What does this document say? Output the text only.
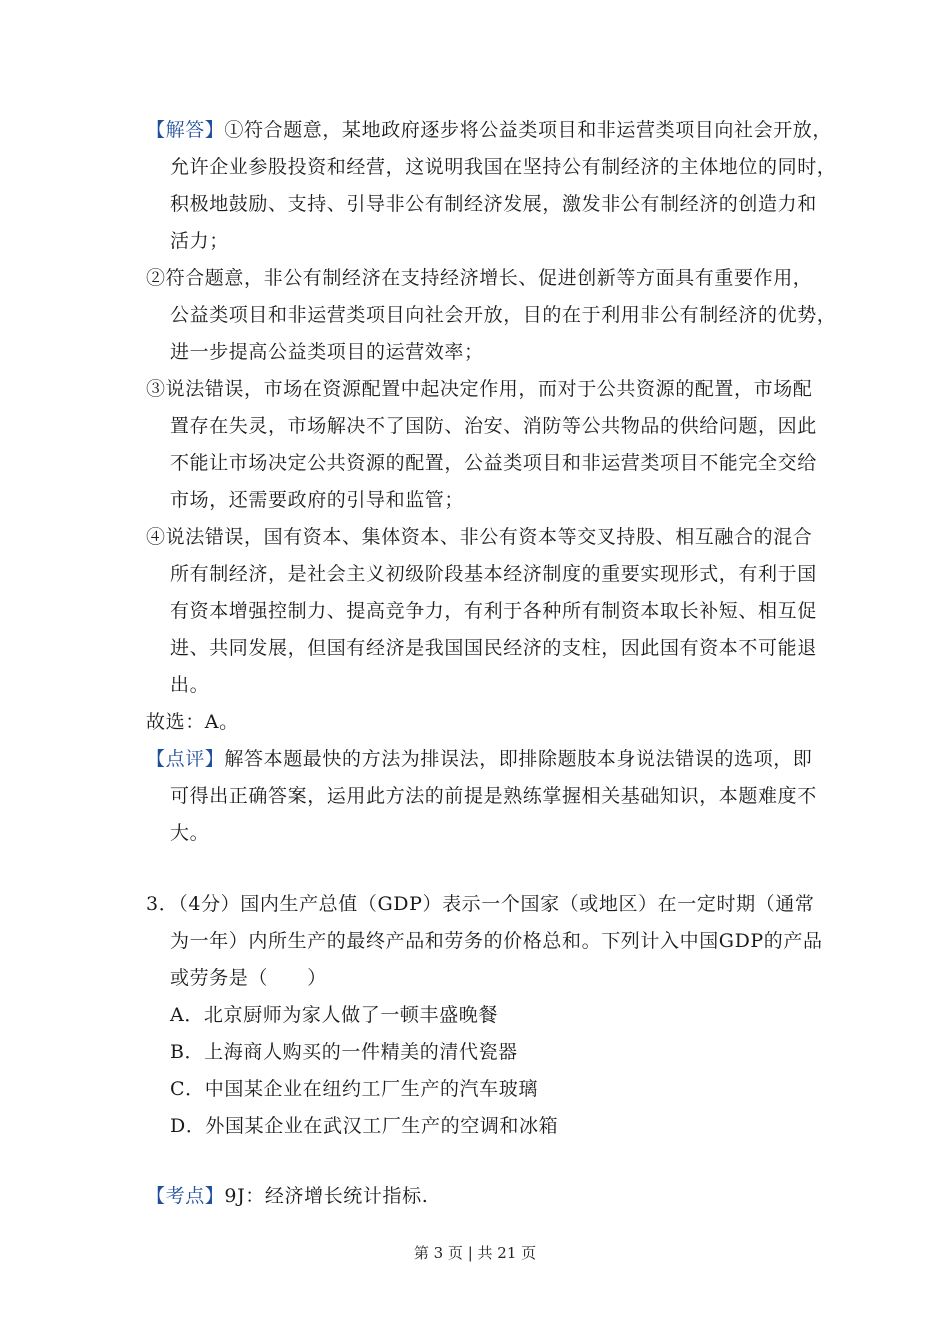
【解答】①符合题意，某地政府逐步将公益类项目和非运营类项目向社会开放，
允许企业参股投资和经营，这说明我国在坚持公有制经济的主体地位的同时，
积极地鼓励、支持、引导非公有制经济发展，激发非公有制经济的创造力和
活力；
②符合题意，非公有制经济在支持经济增长、促进创新等方面具有重要作用，
公益类项目和非运营类项目向社会开放，目的在于利用非公有制经济的优势，
进一步提高公益类项目的运营效率；
③说法错误，市场在资源配置中起决定作用，而对于公共资源的配置，市场配
置存在失灵，市场解决不了国防、治安、消防等公共物品的供给问题，因此
不能让市场决定公共资源的配置，公益类项目和非运营类项目不能完全交给
市场，还需要政府的引导和监管；
④说法错误，国有资本、集体资本、非公有资本等交叉持股、相互融合的混合
所有制经济，是社会主义初级阶段基本经济制度的重要实现形式，有利于国
有资本增强控制力、提高竞争力，有利于各种所有制资本取长补短、相互促
进、共同发展，但国有经济是我国国民经济的支柱，因此国有资本不可能退
出。
故选：A。
【点评】解答本题最快的方法为排误法，即排除题肢本身说法错误的选项，即
可得出正确答案，运用此方法的前提是熟练掌握相关基础知识，本题难度不
大。
3．（4分）国内生产总值（GDP）表示一个国家（或地区）在一定时期（通常
为一年）内所生产的最终产品和劳务的价格总和。下列计入中国GDP的产品
或劳务是（　　）
A．北京厨师为家人做了一顿丰盛晚餐
B．上海商人购买的一件精美的清代瓷器
C．中国某企业在纽约工厂生产的汽车玻璃
D．外国某企业在武汉工厂生产的空调和冰箱
【考点】9J：经济增长统计指标.
第 3 页 | 共 21 页
